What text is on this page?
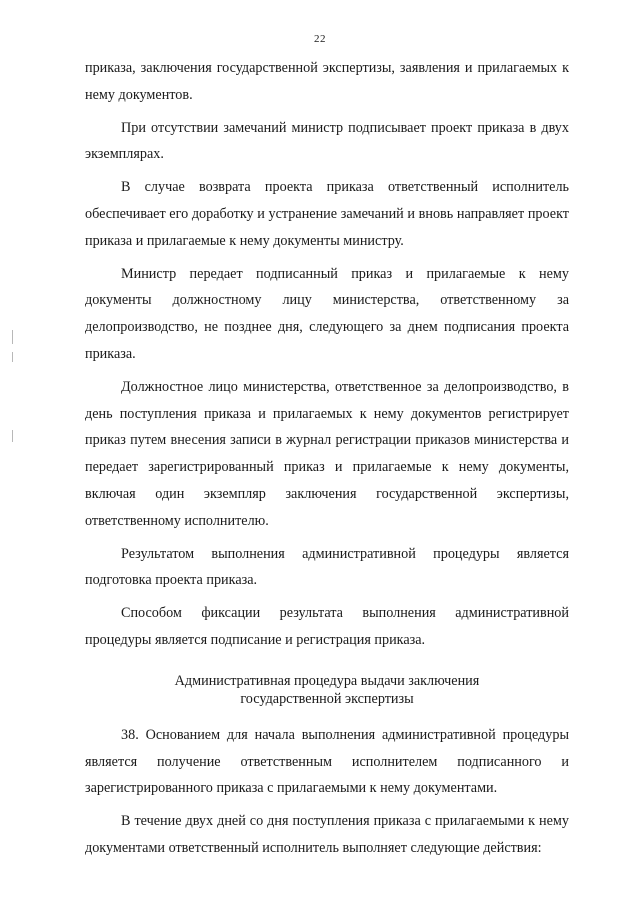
22

приказа, заключения государственной экспертизы, заявления и прилагаемых к нему документов.

При отсутствии замечаний министр подписывает проект приказа в двух экземплярах.

В случае возврата проекта приказа ответственный исполнитель обеспечивает его доработку и устранение замечаний и вновь направляет проект приказа и прилагаемые к нему документы министру.

Министр передает подписанный приказ и прилагаемые к нему документы должностному лицу министерства, ответственному за делопроизводство, не позднее дня, следующего за днем подписания проекта приказа.

Должностное лицо министерства, ответственное за делопроизводство, в день поступления приказа и прилагаемых к нему документов регистрирует приказ путем внесения записи в журнал регистрации приказов министерства и передает зарегистрированный приказ и прилагаемые к нему документы, включая один экземпляр заключения государственной экспертизы, ответственному исполнителю.

Результатом выполнения административной процедуры является подготовка проекта приказа.

Способом фиксации результата выполнения административной процедуры является подписание и регистрация приказа.

Административная процедура выдачи заключения
государственной экспертизы

38. Основанием для начала выполнения административной процедуры является получение ответственным исполнителем подписанного и зарегистрированного приказа с прилагаемыми к нему документами.

В течение двух дней со дня поступления приказа с прилагаемыми к нему документами ответственный исполнитель выполняет следующие действия:
